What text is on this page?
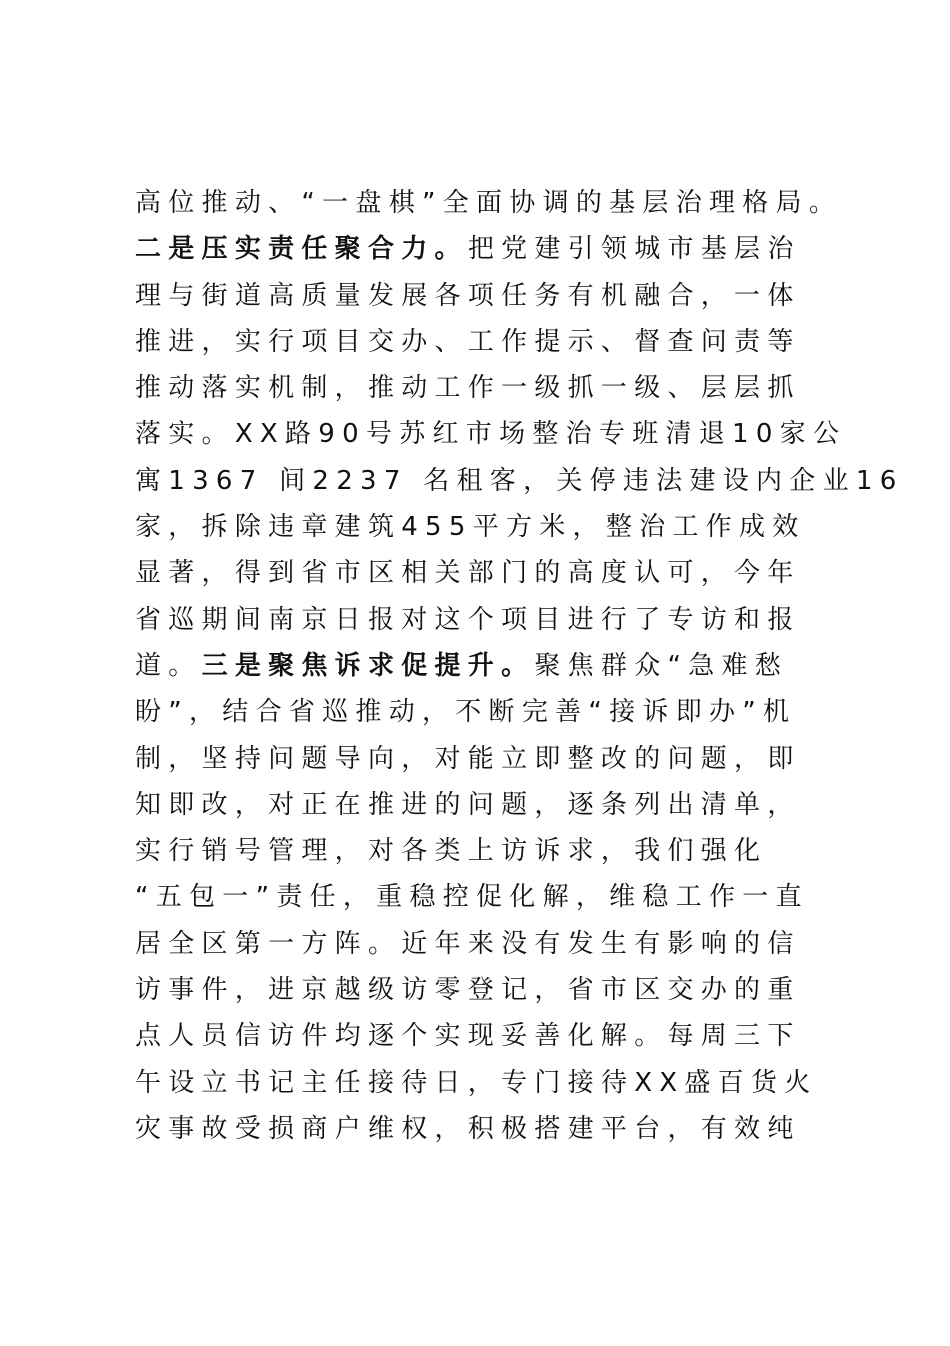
高位推动、“一盘棋”全面协调的基层治理格局。
二是压实责任聚合力。把党建引领城市基层治
理与街道高质量发展各项任务有机融合，一体
推进，实行项目交办、工作提示、督查问责等
推动落实机制，推动工作一级抓一级、层层抓
落实。XX路90号苏红市场整治专班清退10家公
寓1367 间2237 名租客，关停违法建设内企业16
家，拆除违章建筑455平方米，整治工作成效
显著，得到省市区相关部门的高度认可，今年
省巡期间南京日报对这个项目进行了专访和报
道。三是聚焦诉求促提升。聚焦群众“急难愁
盼”，结合省巡推动，不断完善“接诉即办”机
制，坚持问题导向，对能立即整改的问题，即
知即改，对正在推进的问题，逐条列出清单，
实行销号管理，对各类上访诉求，我们强化
“五包一”责任，重稳控促化解，维稳工作一直
居全区第一方阵。近年来没有发生有影响的信
访事件，进京越级访零登记，省市区交办的重
点人员信访件均逐个实现妥善化解。每周三下
午设立书记主任接待日，专门接待XX盛百货火
灾事故受损商户维权，积极搭建平台，有效纯
